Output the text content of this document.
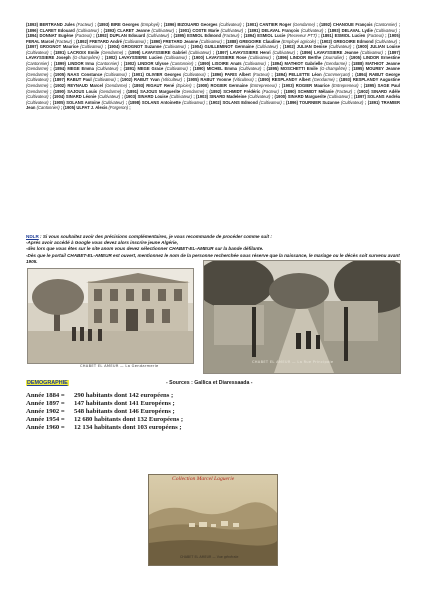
(1893) BERTRAND Jules (Facteur) ; (1893) BIRE Georges (Employé) ; (1896) BIZOUARD Georges (Cultivateur) ; (1901) CANTIER Roger (Gendarme) ; (1892) CHANOUE François (Cantonnier) ; (1896) CLARET Edouard (Cultivateur) ; (1893) CLARET Jeanne (Cultivateur) ; (1901) COSTE Marie (Cultivateur) ; (1891) DELAVAL François (Cultivateur) ; (1893) DELAVAL Lydie (Cultivateur) ; (1894) DONNAT Eugène (Facteur) ; (1892) DUPLAN Edouard (Cultivateur) ; (1895) ESMIOL Edmond (Facteur) ; (1894) ESMIOL Lucie (Receveur PTT) ; (1891) ESMIOL Lucien (Facteur) ; (1905) FERAL Marcel (Facteur) ; (1892) FRETARD André (Cultivateur) ; (1890) FRETARD Jeanne (Cultivateur) ; (1888) GREGOIRE Claudine (Employé agricole) ; (1902) GREGOIRE Edmond (Cultivateur) ; (1897) GROGNOT Maurice (Cultivateur) ; (1904) GROGNOT Suzanne (Cultivateur) ; (1904) GUILLEMINOT Germaine (Cultivateur) ; (1902) JULIAN Denise (Cultivateur) ; (1900) JULIAN Louise (Cultivateur) ; (1891) LACROIX Emile (Gendarme) ; (1898) LAVAYSSIERE Gabriel (Cultivateur) ; (1897) LAVAYSSIERE Henri (Cultivateur) ; (1896) LAVAYSSIERE Jeanne (Cultivateur) ; (1897) LAVAYSSIERE Joseph (G-champêtre) ; (1902) LAVAYSSIERE Lucien (Cultivateur) ; (1900) LAVAYSSIERE Rose (Cultivateur) ; (1896) LINDOR Berthe (Journalier) ; (1905) LINDOR Ernestine (Cantonnier) ; (1899) LINDOR Irma (Cantonnier) ; (1902) LINDOR Ulysse (Cantonnier) ; (1890) LISOIRE Anaïs (Cultivateur) ; (1894) MATHIOT Gabrielle (Gendarme) ; (1888) MATHIOT Jeanne (Gendarme) ; (1894) MEGE Emma (Cultivateur) ; (1891) MEGE Grace (Cultivateur) ; (1890) MICHEL Emma (Cultivateur) ; (1895) MOSCHETTI Emile (G-champêtre) ; (1895) MOUREY Jeanne (Gendarme) ; (1905) NAAS Constance (Cultivateur) ; (1901) OLIVIER Georges (Cultivateur) ; (1896) PARIS Albert (Facteur) ; (1894) PELLETTE Léon (Commerçant) ; (1894) RABUT George (Cultivateur) ; (1897) RABUT Paul (Cultivateur) ; (1902) RABUT Yvan (Viticulteur) ; (1905) RABUT Yvonne (Viticulteur) ; (1890) RESPLANDY Albert (Gendarme) ; (1893) RESPLANDY Augustine (Gendarme) ; (1902) REYNAUD Marcel (Gendarme) ; (1893) RIGAUT René (Epicier) ; (1900) ROGIER Germaine (Entrepreneur) ; (1903) ROGIER Maurice (Entrepreneur) ; (1895) SAGE Paul (Gendarme) ; (1890) SAJOUS Louis (Gendarme) ; (1891) SAJOUS Marguerite (Gendarme) ; (1892) SCHMIDT Frédéric (Facteur) ; (1890) SCHMIDT Mélanie (Facteur) ; (1902) SINARD Adèle (Cultivateur) ; (1904) SINARD Léonie (Cultivateur) ; (1903) SINARD Louise (Cultivateur) ; (1903) SINARD Madeleine (Cultivateur) ; (1900) SINARD Marguerite (Cultivateur) ; (1897) SOLANS Andréa (Cultivateur) ; (1905) SOLANS Antoine (Cultivateur) ; (1898) SOLANS Antoinette (Cultivateur) ; (1902) SOLANS Edmond (Cultivateur) ; (1896) TOURNIER Suzanne (Cultivateur) ; (1891) TRAMIER Jean (Cantonnier) ; (1905) ULPAT J. Alexis (Forgeron) ;
NDLR : Si vous souhaitez avoir des précisions complémentaires, je vous recommande de procéder comme suit :
-Aprés avoir accédé à Google vous devez alors inscrire jeune Algérie,
-dès lors que vous êtes sur le site anom vous devez sélectionner CHABET-EL-AMEUR sur la bande défilante.
-Dès que le portail CHABET-EL-AMEUR est ouvert, mentionnez le nom de la personne recherchée sous réserve que la naissance, le mariage ou le décès soit survenu avant 1905.
CHABET EL AMEUR — La Gendarmerie
CHABET EL AMEUR — La Rue Principale
DEMOGRAPHIE	- Sources : Gallica et Diaressaada -
Année 1884 =	290 habitants dont 142 européens ;
Année 1897 =	147 habitants dont 141 Européens ;
Année 1902 =	548 habitants dont 146 Européens ;
Année 1954 =	12 680 habitants dont 132 Européens ;
Année 1960 =	12 134 habitants dont 103 européens ;
Collection Marcel Laguerie
CHABET EL AMEUR — Vue générale
